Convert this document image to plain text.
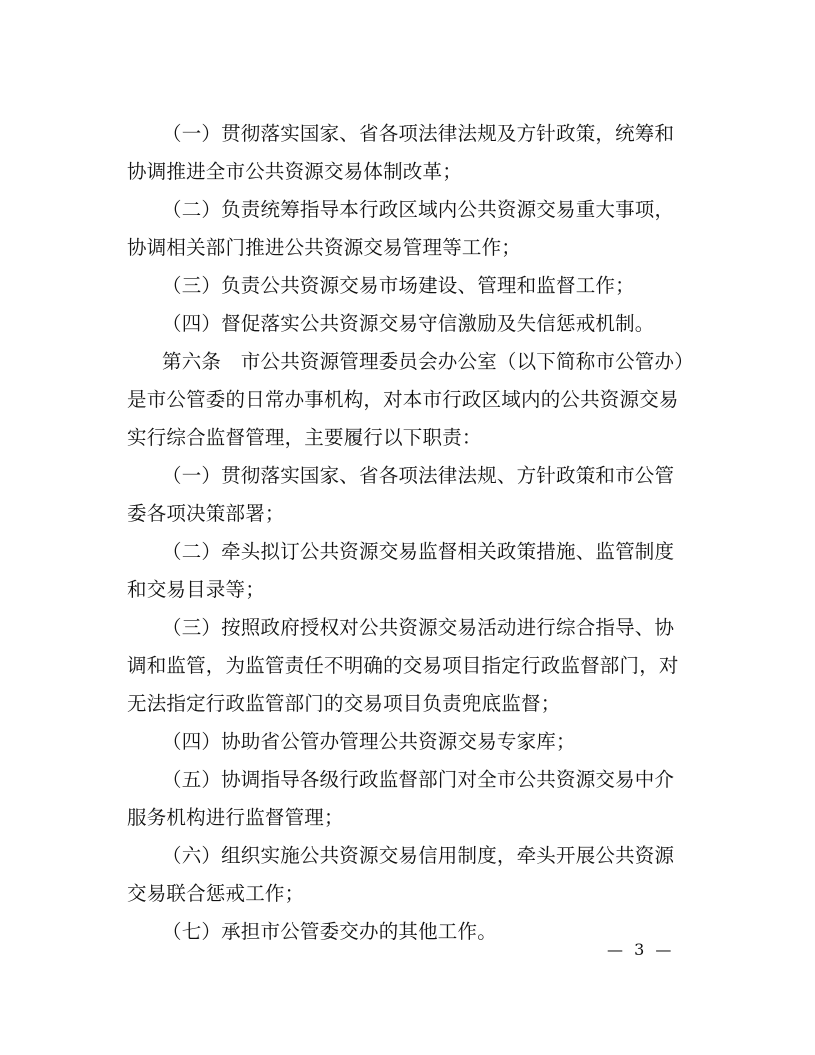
（一）贯彻落实国家、省各项法律法规及方针政策，统筹和
协调推进全市公共资源交易体制改革；

（二）负责统筹指导本行政区域内公共资源交易重大事项，
协调相关部门推进公共资源交易管理等工作；

（三）负责公共资源交易市场建设、管理和监督工作；

（四）督促落实公共资源交易守信激励及失信惩戒机制。

第六条　市公共资源管理委员会办公室（以下简称市公管办）
是市公管委的日常办事机构，对本市行政区域内的公共资源交易
实行综合监督管理，主要履行以下职责：

（一）贯彻落实国家、省各项法律法规、方针政策和市公管
委各项决策部署；

（二）牵头拟订公共资源交易监督相关政策措施、监管制度
和交易目录等；

（三）按照政府授权对公共资源交易活动进行综合指导、协
调和监管，为监管责任不明确的交易项目指定行政监督部门，对
无法指定行政监管部门的交易项目负责兜底监督；

（四）协助省公管办管理公共资源交易专家库；

（五）协调指导各级行政监督部门对全市公共资源交易中介
服务机构进行监督管理；

（六）组织实施公共资源交易信用制度，牵头开展公共资源
交易联合惩戒工作；

（七）承担市公管委交办的其他工作。

— 3 —
